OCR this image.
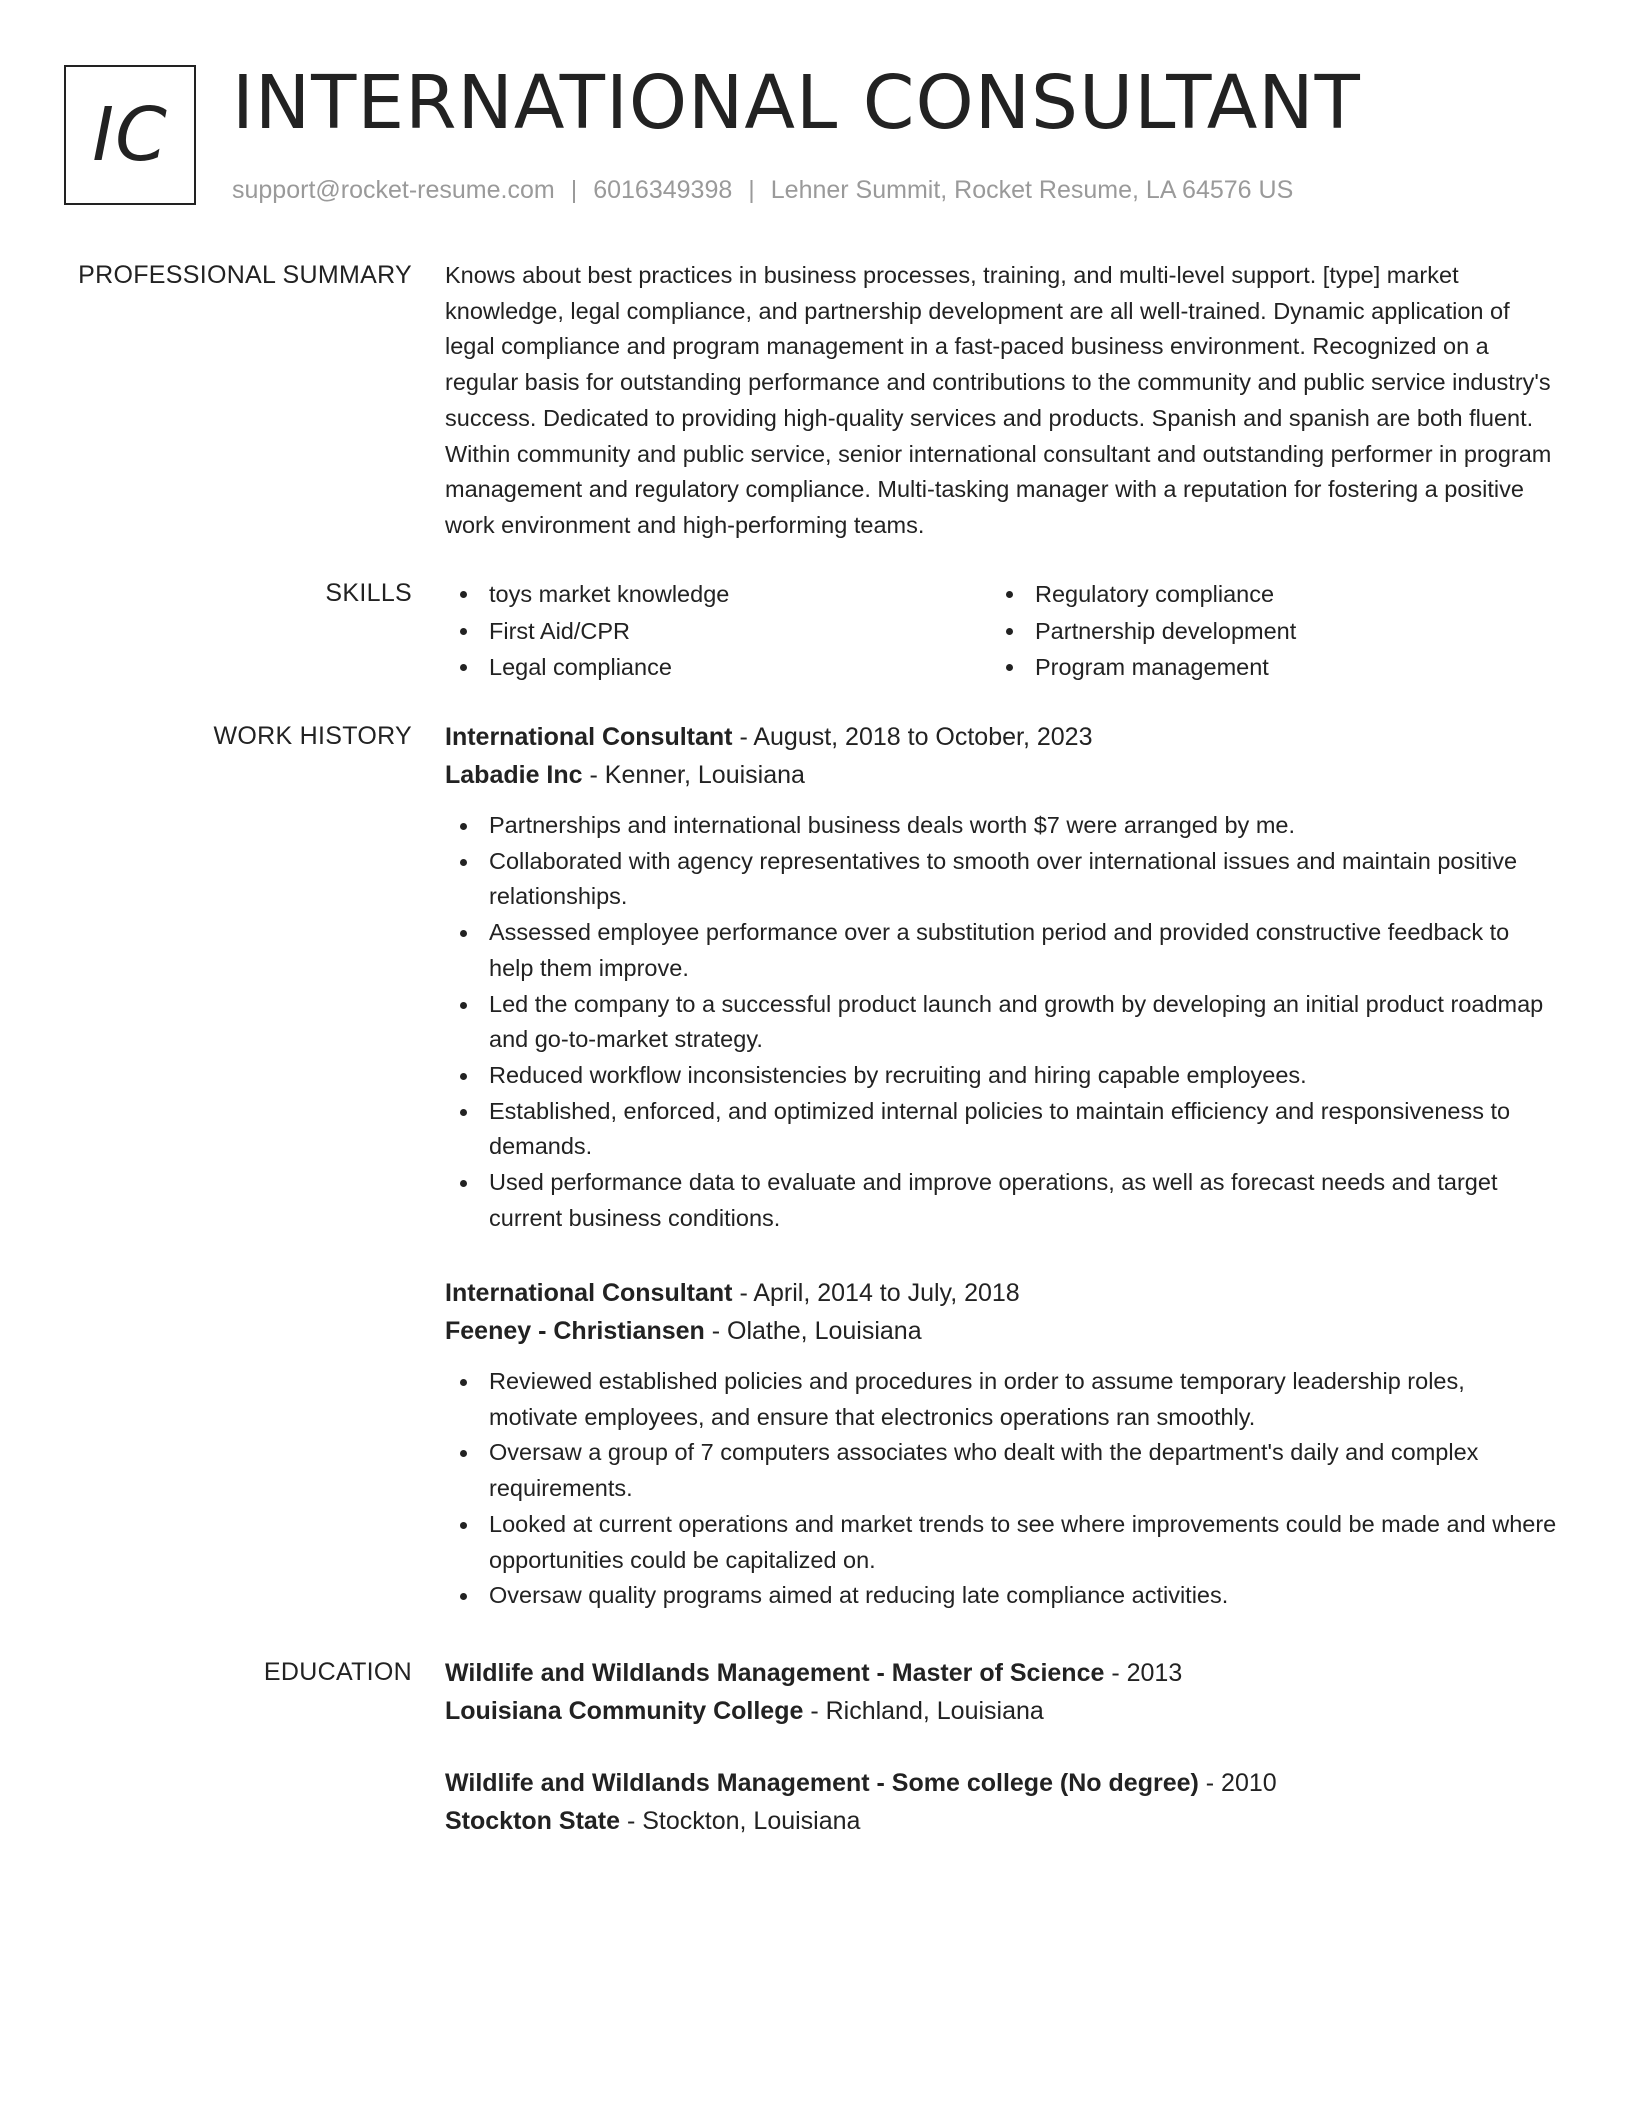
IC INTERNATIONAL CONSULTANT
support@rocket-resume.com | 6016349398 | Lehner Summit, Rocket Resume, LA 64576 US
PROFESSIONAL SUMMARY Knows about best practices in business processes, training, and multi-level support. [type] market knowledge, legal compliance, and partnership development are all well-trained. Dynamic application of legal compliance and program management in a fast-paced business environment. Recognized on a regular basis for outstanding performance and contributions to the community and public service industry's success. Dedicated to providing high-quality services and products. Spanish and spanish are both fluent. Within community and public service, senior international consultant and outstanding performer in program management and regulatory compliance. Multi-tasking manager with a reputation for fostering a positive work environment and high-performing teams.

SKILLS	toys market knowledge
First Aid/CPR
Legal compliance
Regulatory compliance
Partnership development
Program management
WORK HISTORY International Consultant - August, 2018 to October, 2023
Labadie Inc - Kenner, Louisiana
Partnerships and international business deals worth $7 were arranged by me.
Collaborated with agency representatives to smooth over international issues and maintain positive relationships.
Assessed employee performance over a substitution period and provided constructive feedback to help them improve.
Led the company to a successful product launch and growth by developing an initial product roadmap and go-to-market strategy.
Reduced workflow inconsistencies by recruiting and hiring capable employees.
Established, enforced, and optimized internal policies to maintain efficiency and responsiveness to demands.
Used performance data to evaluate and improve operations, as well as forecast needs and target current business conditions.
International Consultant - April, 2014 to July, 2018
Feeney - Christiansen - Olathe, Louisiana
Reviewed established policies and procedures in order to assume temporary leadership roles, motivate employees, and ensure that electronics operations ran smoothly.
Oversaw a group of 7 computers associates who dealt with the department's daily and complex requirements.
Looked at current operations and market trends to see where improvements could be made and where opportunities could be capitalized on.
Oversaw quality programs aimed at reducing late compliance activities.
EDUCATION Wildlife and Wildlands Management - Master of Science - 2013
Louisiana Community College - Richland, Louisiana
Wildlife and Wildlands Management - Some college (No degree) - 2010
Stockton State - Stockton, Louisiana
